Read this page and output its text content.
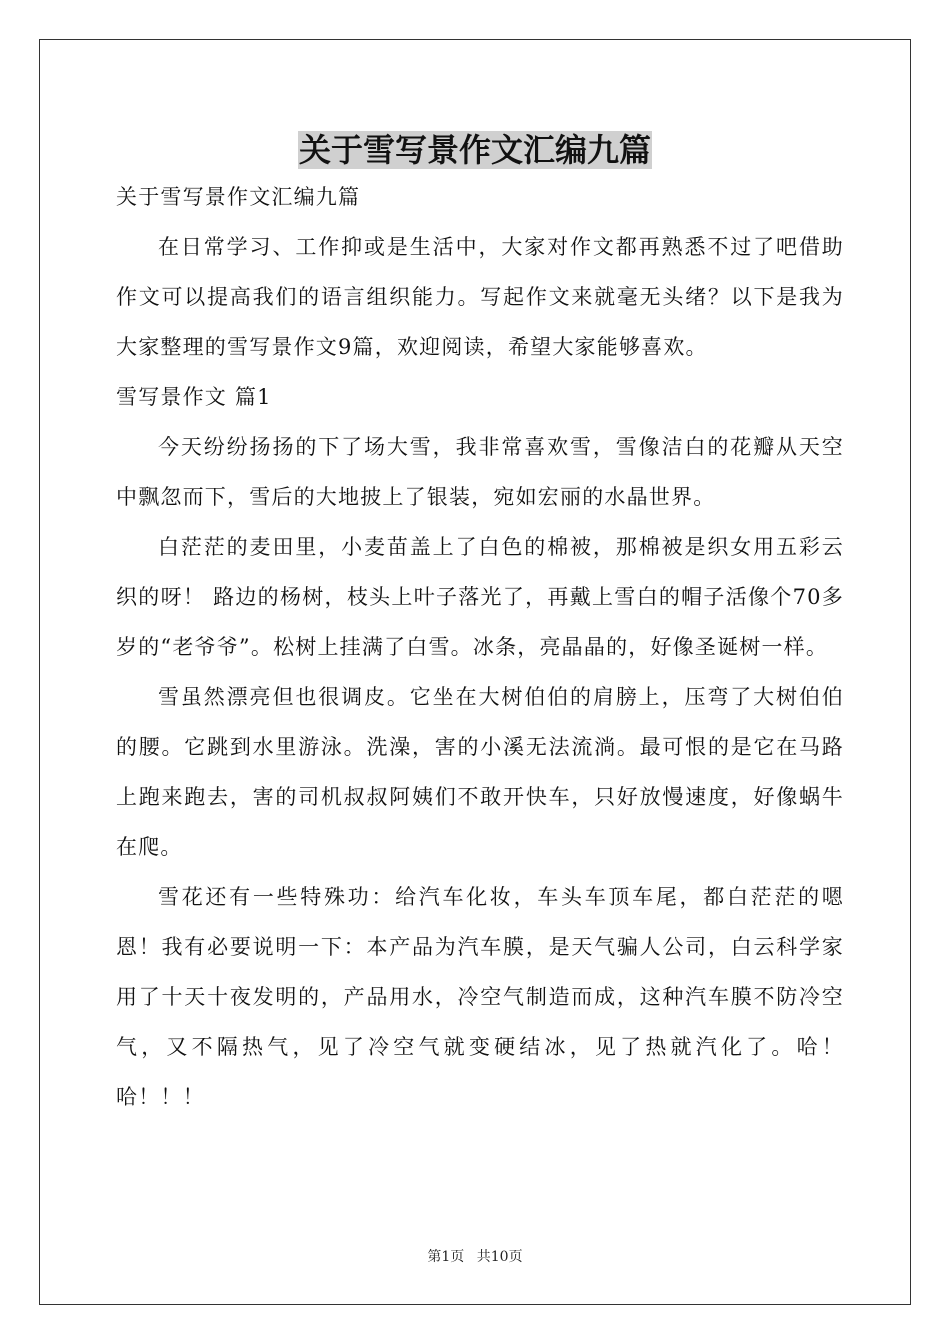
关于雪写景作文汇编九篇

关于雪写景作文汇编九篇

在日常学习、工作抑或是生活中，大家对作文都再熟悉不过了吧借助作文可以提高我们的语言组织能力。写起作文来就毫无头绪？以下是我为大家整理的雪写景作文9篇，欢迎阅读，希望大家能够喜欢。

雪写景作文 篇1

今天纷纷扬扬的下了场大雪，我非常喜欢雪，雪像洁白的花瓣从天空中飘忽而下，雪后的大地披上了银装，宛如宏丽的水晶世界。

白茫茫的麦田里，小麦苗盖上了白色的棉被，那棉被是织女用五彩云织的呀！ 路边的杨树，枝头上叶子落光了，再戴上雪白的帽子活像个70多岁的“老爷爷”。松树上挂满了白雪。冰条，亮晶晶的，好像圣诞树一样。

雪虽然漂亮但也很调皮。它坐在大树伯伯的肩膀上，压弯了大树伯伯的腰。它跳到水里游泳。洗澡，害的小溪无法流淌。最可恨的是它在马路上跑来跑去，害的司机叔叔阿姨们不敢开快车，只好放慢速度，好像蜗牛在爬。

雪花还有一些特殊功：给汽车化妆，车头车顶车尾，都白茫茫的嗯恩！我有必要说明一下：本产品为汽车膜，是天气骗人公司，白云科学家用了十天十夜发明的，产品用水，冷空气制造而成，这种汽车膜不防冷空气，又不隔热气，见了冷空气就变硬结冰，见了热就汽化了。哈！哈！！！

第1页 共10页
